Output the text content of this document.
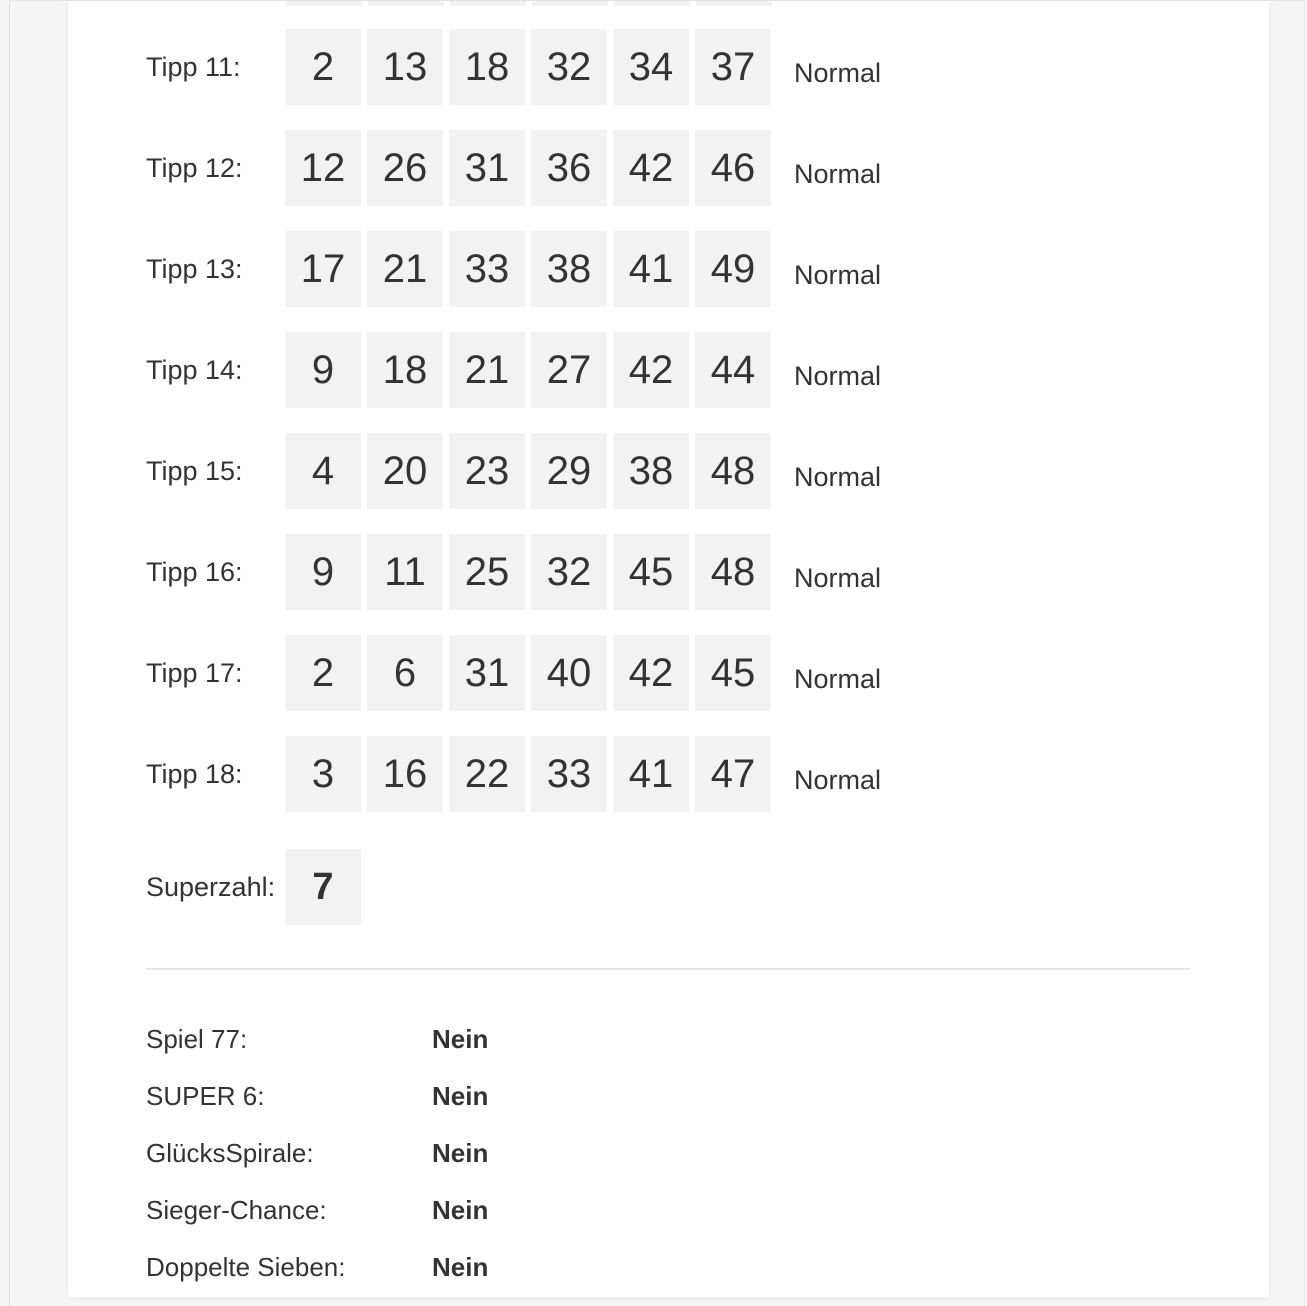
Tipp 11:	2	13 18 32 34 37	Normal
Tipp 12:	12 26 31 36 42 46	Normal
Tipp 13:	17 21 33 38 41 49	Normal
Tipp 14:	9	18 21 27 42 44	Normal
Tipp 15:	4	20 23 29 38 48	Normal
Tipp 16:	9	11 25 32 45 48	Normal
Tipp 17:	2	6	31 40 42 45	Normal
Tipp 18:	3	16 22 33 41 47	Normal
Superzahl: 7
Spiel 77:	Nein
SUPER 6:	Nein
GlücksSpirale:	Nein
Sieger-Chance:	Nein
Doppelte Sieben:	Nein
